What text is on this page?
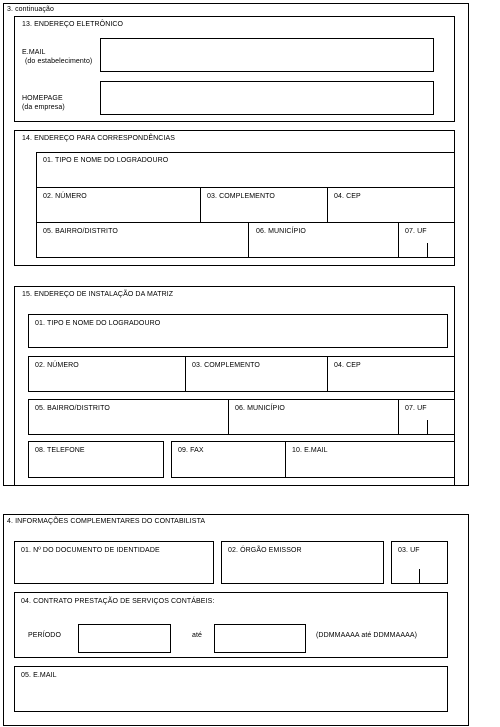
3. continuação
13. ENDEREÇO ELETRÔNICO
E.MAIL
(do estabelecimento)
HOMEPAGE
(da empresa)
14. ENDEREÇO PARA CORRESPONDÊNCIAS
01. TIPO E NOME DO LOGRADOURO
02. NÚMERO	03. COMPLEMENTO	04. CEP
05. BAIRRO/DISTRITO	06. MUNICÍPIO	07. UF
15. ENDEREÇO DE INSTALAÇÃO DA MATRIZ
01. TIPO E NOME DO LOGRADOURO
02. NÚMERO	03. COMPLEMENTO	04. CEP
05. BAIRRO/DISTRITO	06. MUNICÍPIO	07. UF
08. TELEFONE	09. FAX	10. E.MAIL
4. INFORMAÇÕES COMPLEMENTARES DO CONTABILISTA
01. Nº DO DOCUMENTO DE IDENTIDADE	02. ÓRGÃO EMISSOR	03. UF
04. CONTRATO PRESTAÇÃO DE SERVIÇOS CONTÁBEIS:
PERÍODO	até	(DDMMAAAA até DDMMAAAA)
05. E.MAIL
